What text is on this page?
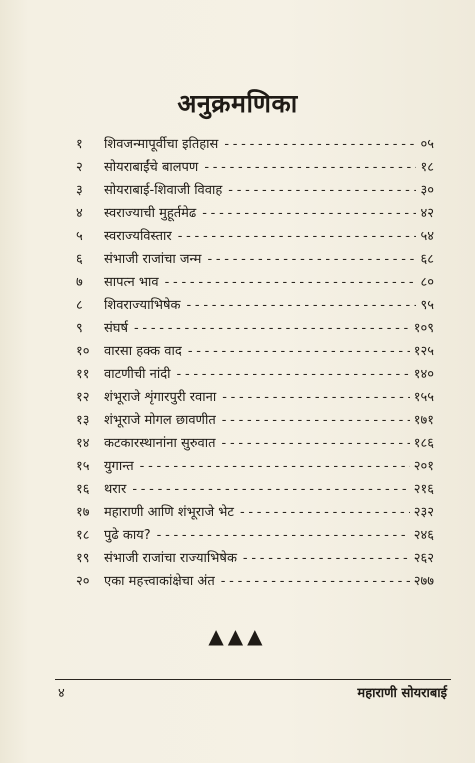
अनुक्रमणिका
१	शिवजन्मापूर्वीचा इतिहास - - -	०५
२	सोयराबाईंचे बालपण - - -	१८
३	सोयराबाई-शिवाजी विवाह - - -	३०
४	स्वराज्याची मुहूर्तमेढ - - -	४२
५	स्वराज्यविस्तार - - -	५४
६	संभाजी राजांचा जन्म - - -	६८
७	सापत्न भाव - - -	८०
८	शिवराज्याभिषेक - - -	९५
९	संघर्ष - - -	१०९
१०	वारसा हक्क वाद - - -	१२५
११	वाटणीची नांदी - - -	१४०
१२	शंभूराजे शृंगारपुरी रवाना - - -	१५५
१३	शंभूराजे मोगल छावणीत - - -	१७१
१४	कटकारस्थानांना सुरुवात - - -	१८६
१५	युगान्त - - -	२०१
१६	थरार - - -	२१६
१७	महाराणी आणि शंभूराजे भेट - - -	२३२
१८	पुढे काय? - - -	२४६
१९	संभाजी राजांचा राज्याभिषेक - - -	२६२
२०	एका महत्त्वाकांक्षेचा अंत - - -	२७७
▲▲▲
४	महाराणी सोयराबाई
